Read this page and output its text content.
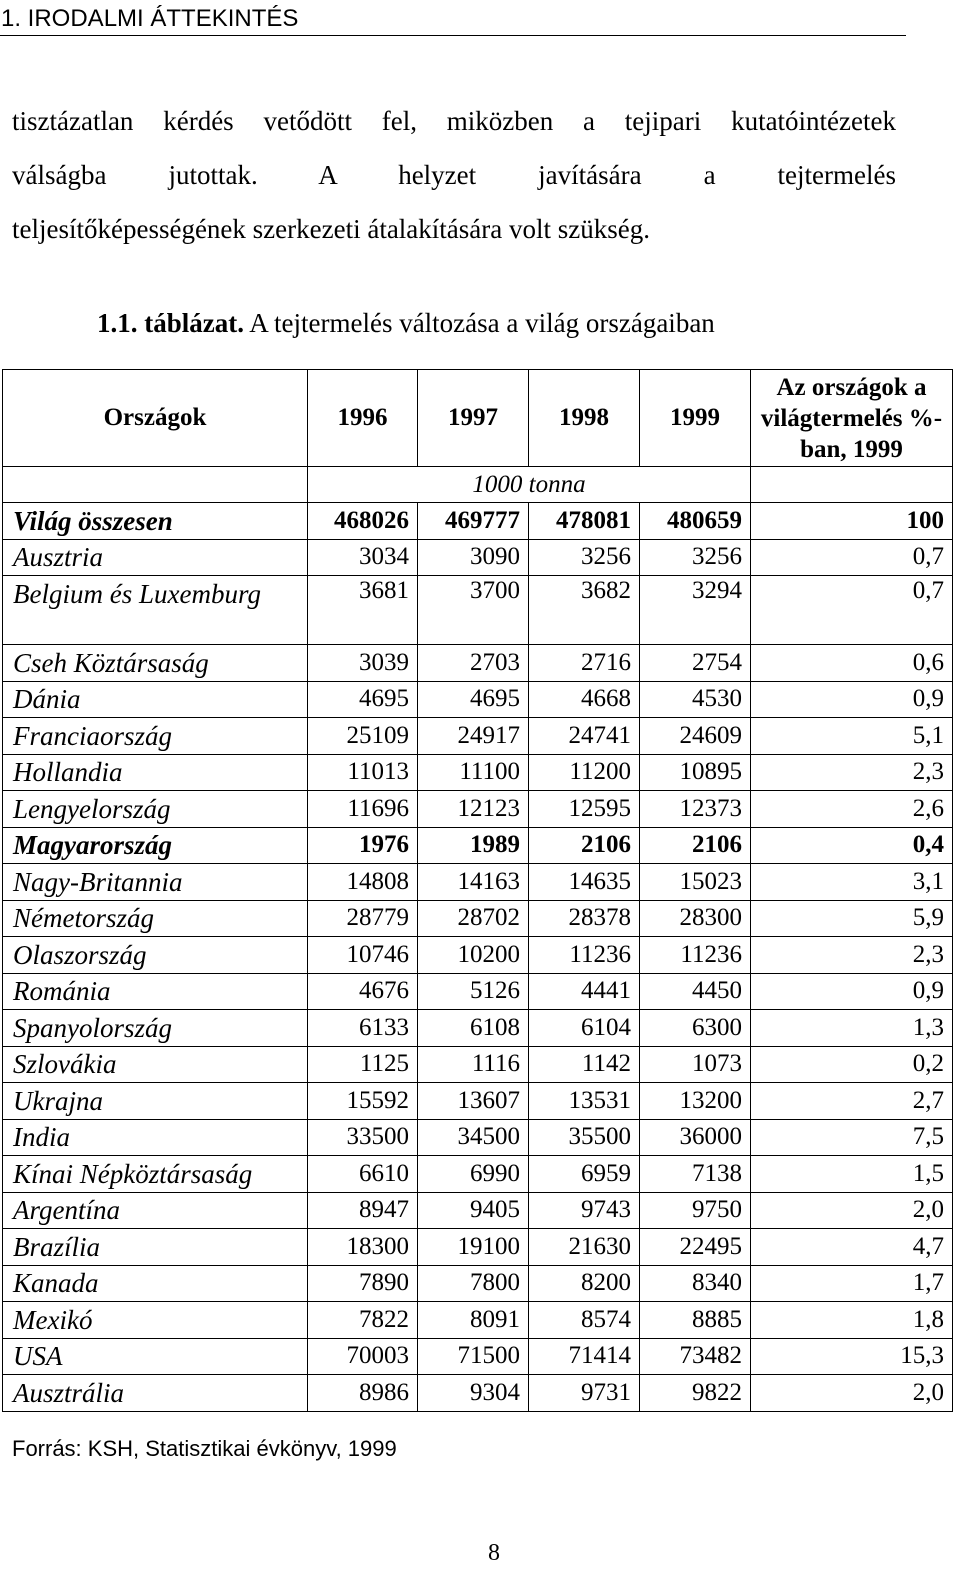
1. IRODALMI ÁTTEKINTÉS
tisztázatlan kérdés vetődött fel, miközben a tejipari kutatóintézetek
válságba jutottak. A helyzet javítására a tejtermelés
teljesítőképességének szerkezeti átalakítására volt szükség.
1.1. táblázat. A tejtermelés változása a világ országaiban
Országok	1996	1997	1998	1999	Az országok a világtermelés %-ban, 1999
	1000 tonna				
Világ összesen	468026	469777	478081	480659	100
Ausztria	3034	3090	3256	3256	0,7
Belgium és Luxemburg	3681	3700	3682	3294	0,7
Cseh Köztársaság	3039	2703	2716	2754	0,6
Dánia	4695	4695	4668	4530	0,9
Franciaország	25109	24917	24741	24609	5,1
Hollandia	11013	11100	11200	10895	2,3
Lengyelország	11696	12123	12595	12373	2,6
Magyarország	1976	1989	2106	2106	0,4
Nagy-Britannia	14808	14163	14635	15023	3,1
Németország	28779	28702	28378	28300	5,9
Olaszország	10746	10200	11236	11236	2,3
Románia	4676	5126	4441	4450	0,9
Spanyolország	6133	6108	6104	6300	1,3
Szlovákia	1125	1116	1142	1073	0,2
Ukrajna	15592	13607	13531	13200	2,7
India	33500	34500	35500	36000	7,5
Kínai Népköztársaság	6610	6990	6959	7138	1,5
Argentína	8947	9405	9743	9750	2,0
Brazília	18300	19100	21630	22495	4,7
Kanada	7890	7800	8200	8340	1,7
Mexikó	7822	8091	8574	8885	1,8
USA	70003	71500	71414	73482	15,3
Ausztrália	8986	9304	9731	9822	2,0
Forrás: KSH, Statisztikai évkönyv, 1999
8
